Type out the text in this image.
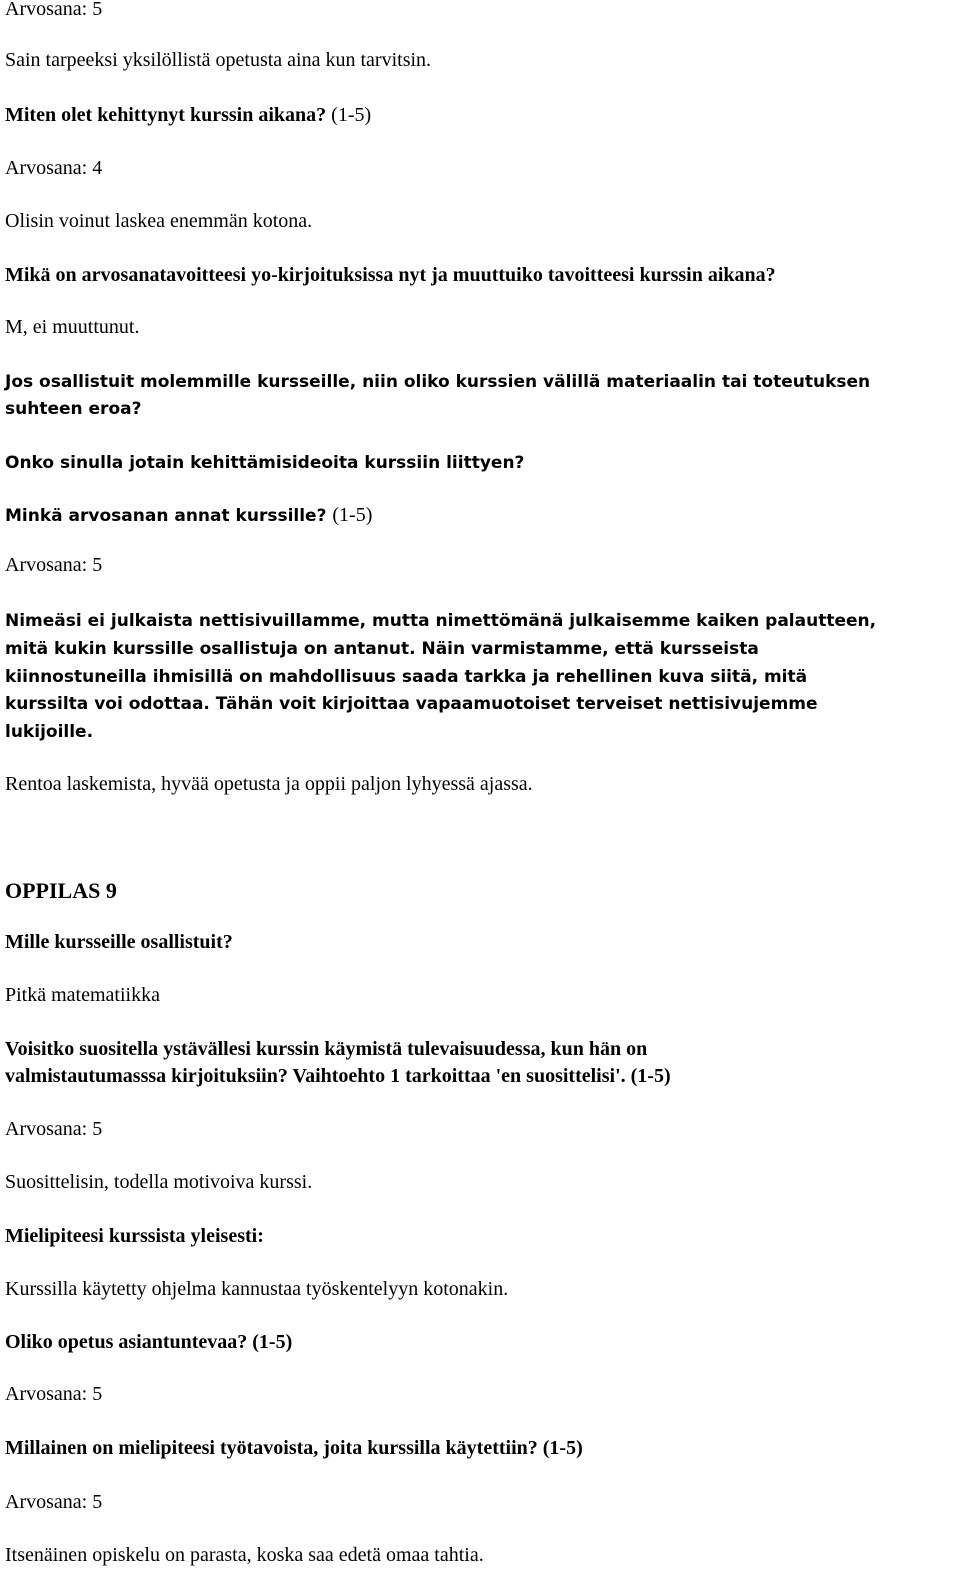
Arvosana: 5
Sain tarpeeksi yksilöllistä opetusta aina kun tarvitsin.
Miten olet kehittynyt kurssin aikana? (1-5)
Arvosana: 4
Olisin voinut laskea enemmän kotona.
Mikä on arvosanatavoitteesi yo-kirjoituksissa nyt ja muuttuiko tavoitteesi kurssin aikana?
M, ei muuttunut.
Jos osallistuit molemmille kursseille, niin oliko kurssien välillä materiaalin tai toteutuksen
suhteen eroa?
Onko sinulla jotain kehittämisideoita kurssiin liittyen?
Minkä arvosanan annat kurssille? (1-5)
Arvosana: 5
Nimeäsi ei julkaista nettisivuillamme, mutta nimettömänä julkaisemme kaiken palautteen,
mitä kukin kurssille osallistuja on antanut. Näin varmistamme, että kursseista
kiinnostuneilla ihmisillä on mahdollisuus saada tarkka ja rehellinen kuva siitä, mitä
kurssilta voi odottaa. Tähän voit kirjoittaa vapaamuotoiset terveiset nettisivujemme
lukijoille.
Rentoa laskemista, hyvää opetusta ja oppii paljon lyhyessä ajassa.
OPPILAS 9
Mille kursseille osallistuit?
Pitkä matematiikka
Voisitko suositella ystävällesi kurssin käymistä tulevaisuudessa, kun hän on
valmistautumasssa kirjoituksiin? Vaihtoehto 1 tarkoittaa 'en suosittelisi'. (1-5)
Arvosana: 5
Suosittelisin, todella motivoiva kurssi.
Mielipiteesi kurssista yleisesti:
Kurssilla käytetty ohjelma kannustaa työskentelyyn kotonakin.
Oliko opetus asiantuntevaa? (1-5)
Arvosana: 5
Millainen on mielipiteesi työtavoista, joita kurssilla käytettiin? (1-5)
Arvosana: 5
Itsenäinen opiskelu on parasta, koska saa edetä omaa tahtia.
